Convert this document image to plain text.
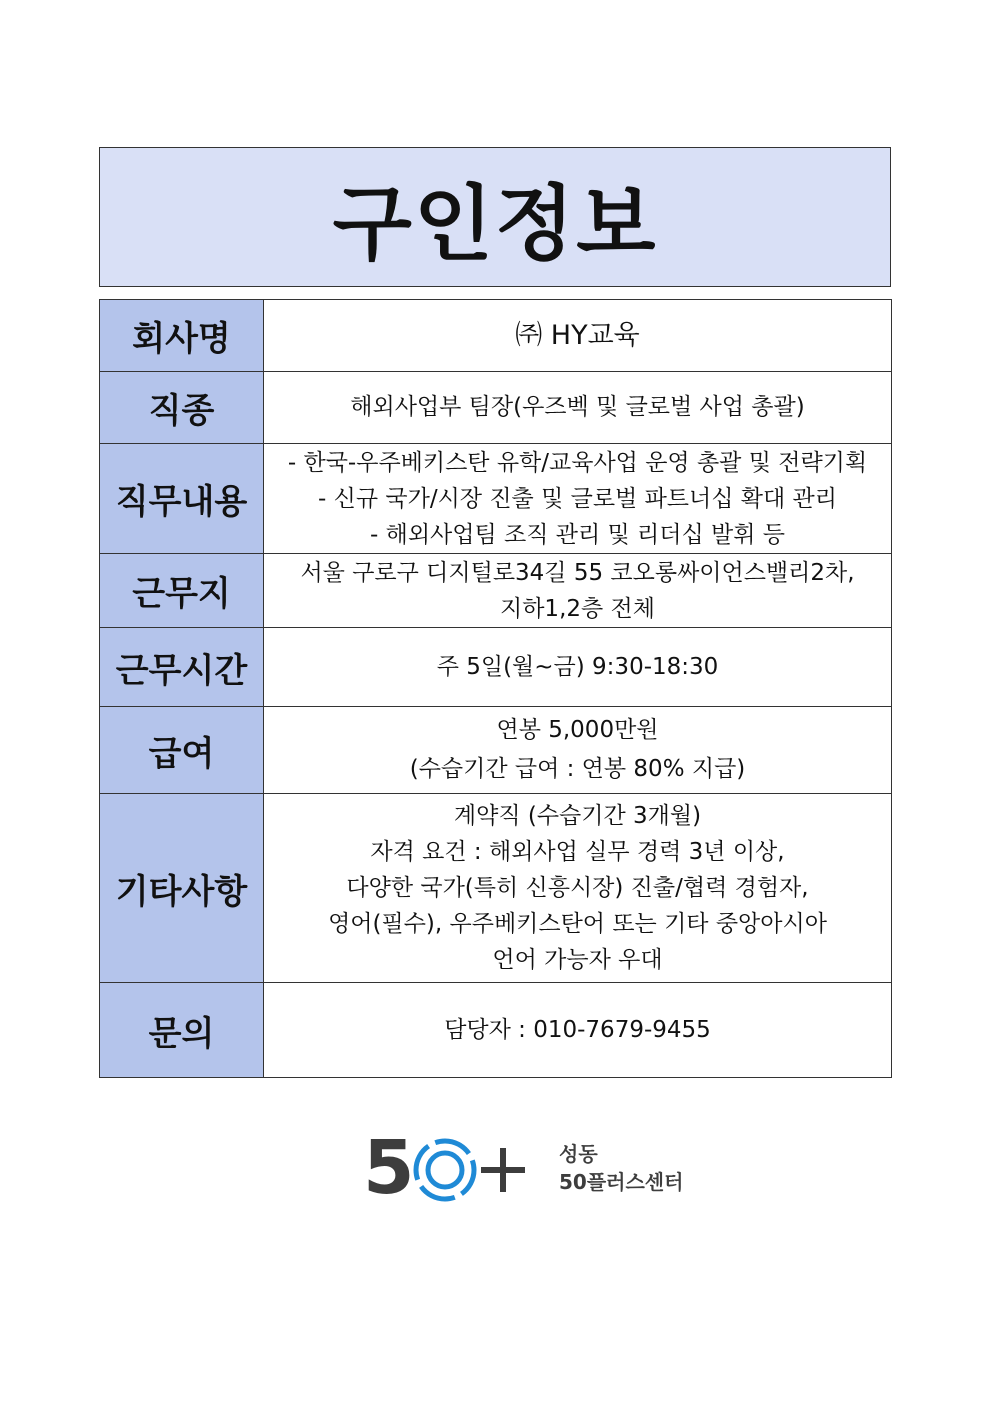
구인정보
회사명	㈜ HY교육

직종	해외사업부 팀장(우즈벡 및 글로벌 사업 총괄)

직무내용	- 한국-우주베키스탄 유학/교육사업 운영 총괄 및 전략기획
- 신규 국가/시장 진출 및 글로벌 파트너십 확대 관리
- 해외사업팀 조직 관리 및 리더십 발휘 등

근무지	서울 구로구 디지털로34길 55 코오롱싸이언스밸리2차,
지하1,2층 전체

근무시간	주 5일(월~금) 9:30-18:30

급여	연봉 5,000만원
(수습기간 급여 : 연봉 80% 지급)

기타사항	계약직 (수습기간 3개월)
자격 요건 : 해외사업 실무 경력 3년 이상,
다양한 국가(특히 신흥시장) 진출/협력 경험자,
영어(필수), 우주베키스탄어 또는 기타 중앙아시아
언어 가능자 우대

문의	담당자 : 010-7679-9455
5	성동
50플러스센터
